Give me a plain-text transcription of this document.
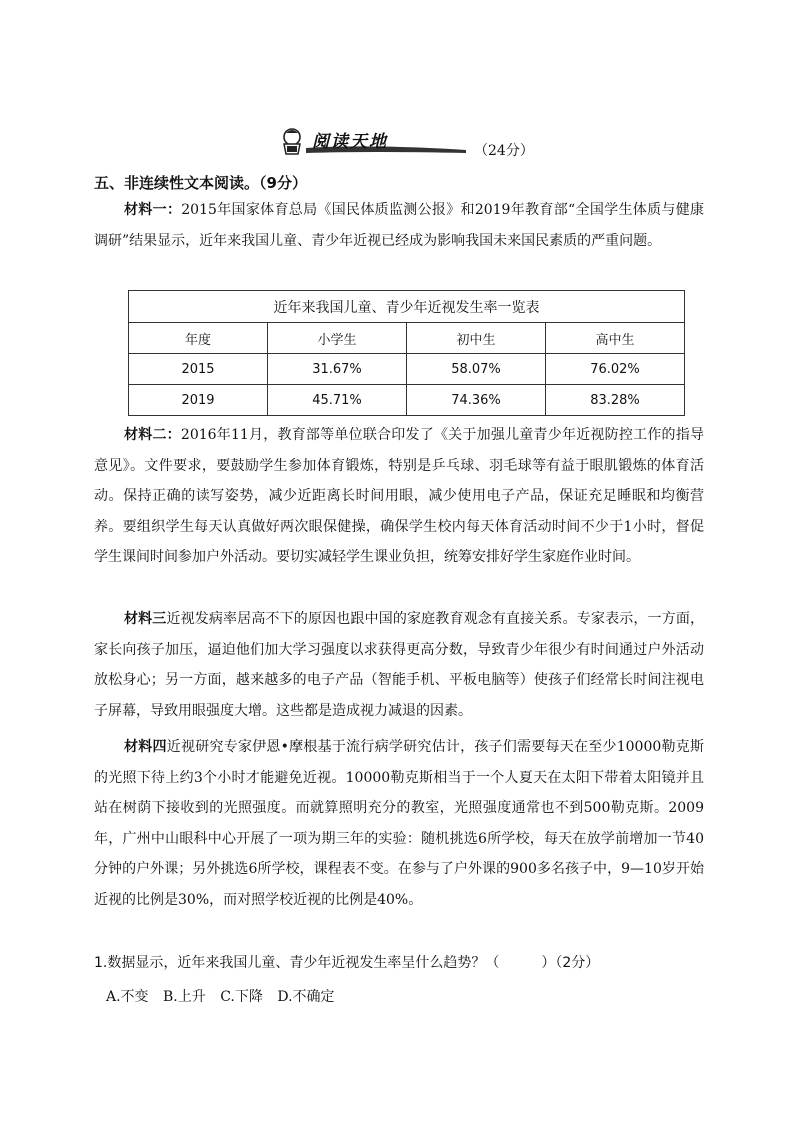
阅读天地	（24分）
五、非连续性文本阅读。（9分）
材料一：2015年国家体育总局《国民体质监测公报》和2019年教育部“全国学生体质与健康调研”结果显示，近年来我国儿童、青少年近视已经成为影响我国未来国民素质的严重问题。
近年来我国儿童、青少年近视发生率一览表			
年度	小学生	初中生	高中生
2015	31.67%	58.07%	76.02%
2019	45.71%	74.36%	83.28%
材料二：2016年11月，教育部等单位联合印发了《关于加强儿童青少年近视防控工作的指导意见》。文件要求，要鼓励学生参加体育锻炼，特别是乒乓球、羽毛球等有益于眼肌锻炼的体育活动。保持正确的读写姿势，减少近距离长时间用眼，减少使用电子产品，保证充足睡眠和均衡营养。要组织学生每天认真做好两次眼保健操，确保学生校内每天体育活动时间不少于1小时，督促学生课间时间参加户外活动。要切实减轻学生课业负担，统筹安排好学生家庭作业时间。
材料三近视发病率居高不下的原因也跟中国的家庭教育观念有直接关系。专家表示，一方面，家长向孩子加压，逼迫他们加大学习强度以求获得更高分数，导致青少年很少有时间通过户外活动放松身心；另一方面，越来越多的电子产品（智能手机、平板电脑等）使孩子们经常长时间注视电子屏幕，导致用眼强度大增。这些都是造成视力减退的因素。
材料四近视研究专家伊恩•摩根基于流行病学研究估计，孩子们需要每天在至少10000勒克斯的光照下待上约3个小时才能避免近视。10000勒克斯相当于一个人夏天在太阳下带着太阳镜并且站在树荫下接收到的光照强度。而就算照明充分的教室，光照强度通常也不到500勒克斯。2009年，广州中山眼科中心开展了一项为期三年的实验：随机挑选6所学校，每天在放学前增加一节40分钟的户外课；另外挑选6所学校，课程表不变。在参与了户外课的900多名孩子中，9—10岁开始近视的比例是30%，而对照学校近视的比例是40%。
1.数据显示，近年来我国儿童、青少年近视发生率呈什么趋势？（　　　）（2分）
A.不变 B.上升 C.下降 D.不确定
